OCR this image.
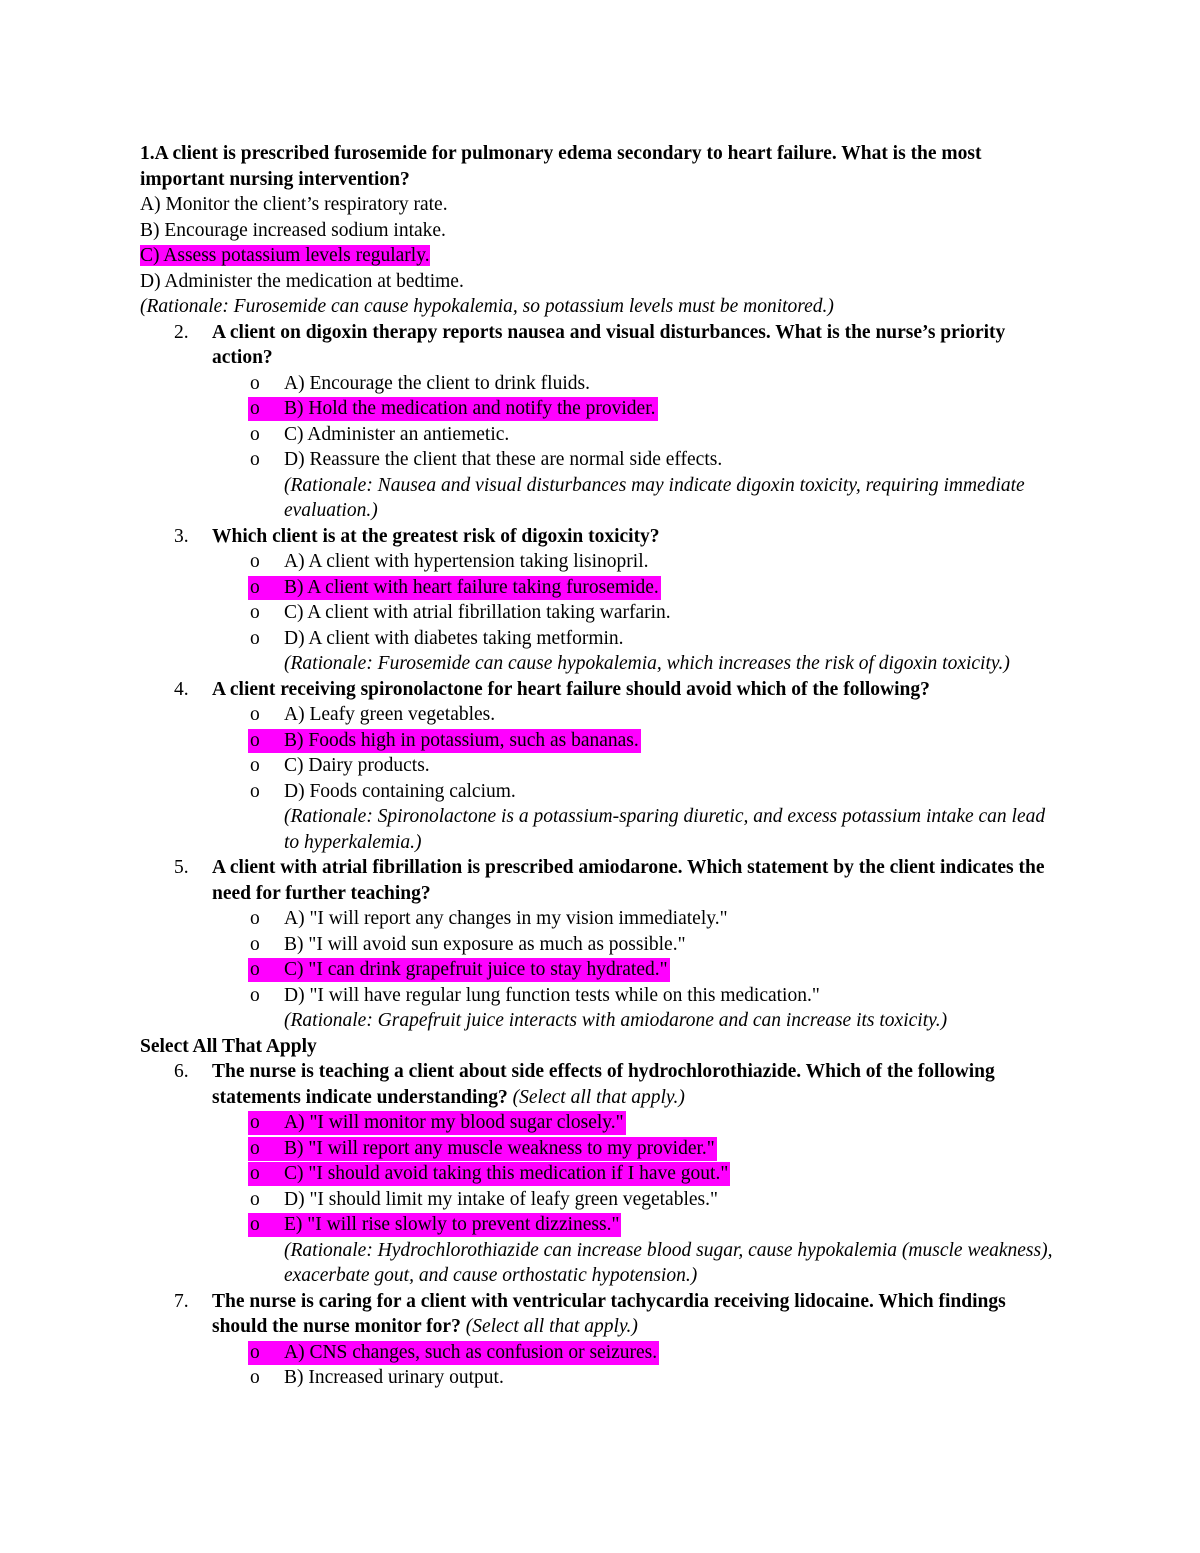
1.A client is prescribed furosemide for pulmonary edema secondary to heart failure. What is the most important nursing intervention?
A) Monitor the client’s respiratory rate.
B) Encourage increased sodium intake.
C) Assess potassium levels regularly.
D) Administer the medication at bedtime.
(Rationale: Furosemide can cause hypokalemia, so potassium levels must be monitored.)
2. A client on digoxin therapy reports nausea and visual disturbances. What is the nurse’s priority action?
o A) Encourage the client to drink fluids.
o B) Hold the medication and notify the provider.
o C) Administer an antiemetic.
o D) Reassure the client that these are normal side effects.
(Rationale: Nausea and visual disturbances may indicate digoxin toxicity, requiring immediate evaluation.)
3. Which client is at the greatest risk of digoxin toxicity?
o A) A client with hypertension taking lisinopril.
o B) A client with heart failure taking furosemide.
o C) A client with atrial fibrillation taking warfarin.
o D) A client with diabetes taking metformin.
(Rationale: Furosemide can cause hypokalemia, which increases the risk of digoxin toxicity.)
4. A client receiving spironolactone for heart failure should avoid which of the following?
o A) Leafy green vegetables.
o B) Foods high in potassium, such as bananas.
o C) Dairy products.
o D) Foods containing calcium.
(Rationale: Spironolactone is a potassium-sparing diuretic, and excess potassium intake can lead to hyperkalemia.)
5. A client with atrial fibrillation is prescribed amiodarone. Which statement by the client indicates the need for further teaching?
o A) "I will report any changes in my vision immediately."
o B) "I will avoid sun exposure as much as possible."
o C) "I can drink grapefruit juice to stay hydrated."
o D) "I will have regular lung function tests while on this medication."
(Rationale: Grapefruit juice interacts with amiodarone and can increase its toxicity.)
Select All That Apply
6. The nurse is teaching a client about side effects of hydrochlorothiazide. Which of the following statements indicate understanding? (Select all that apply.)
o A) "I will monitor my blood sugar closely."
o B) "I will report any muscle weakness to my provider."
o C) "I should avoid taking this medication if I have gout."
o D) "I should limit my intake of leafy green vegetables."
o E) "I will rise slowly to prevent dizziness."
(Rationale: Hydrochlorothiazide can increase blood sugar, cause hypokalemia (muscle weakness), exacerbate gout, and cause orthostatic hypotension.)
7. The nurse is caring for a client with ventricular tachycardia receiving lidocaine. Which findings should the nurse monitor for? (Select all that apply.)
o A) CNS changes, such as confusion or seizures.
o B) Increased urinary output.
